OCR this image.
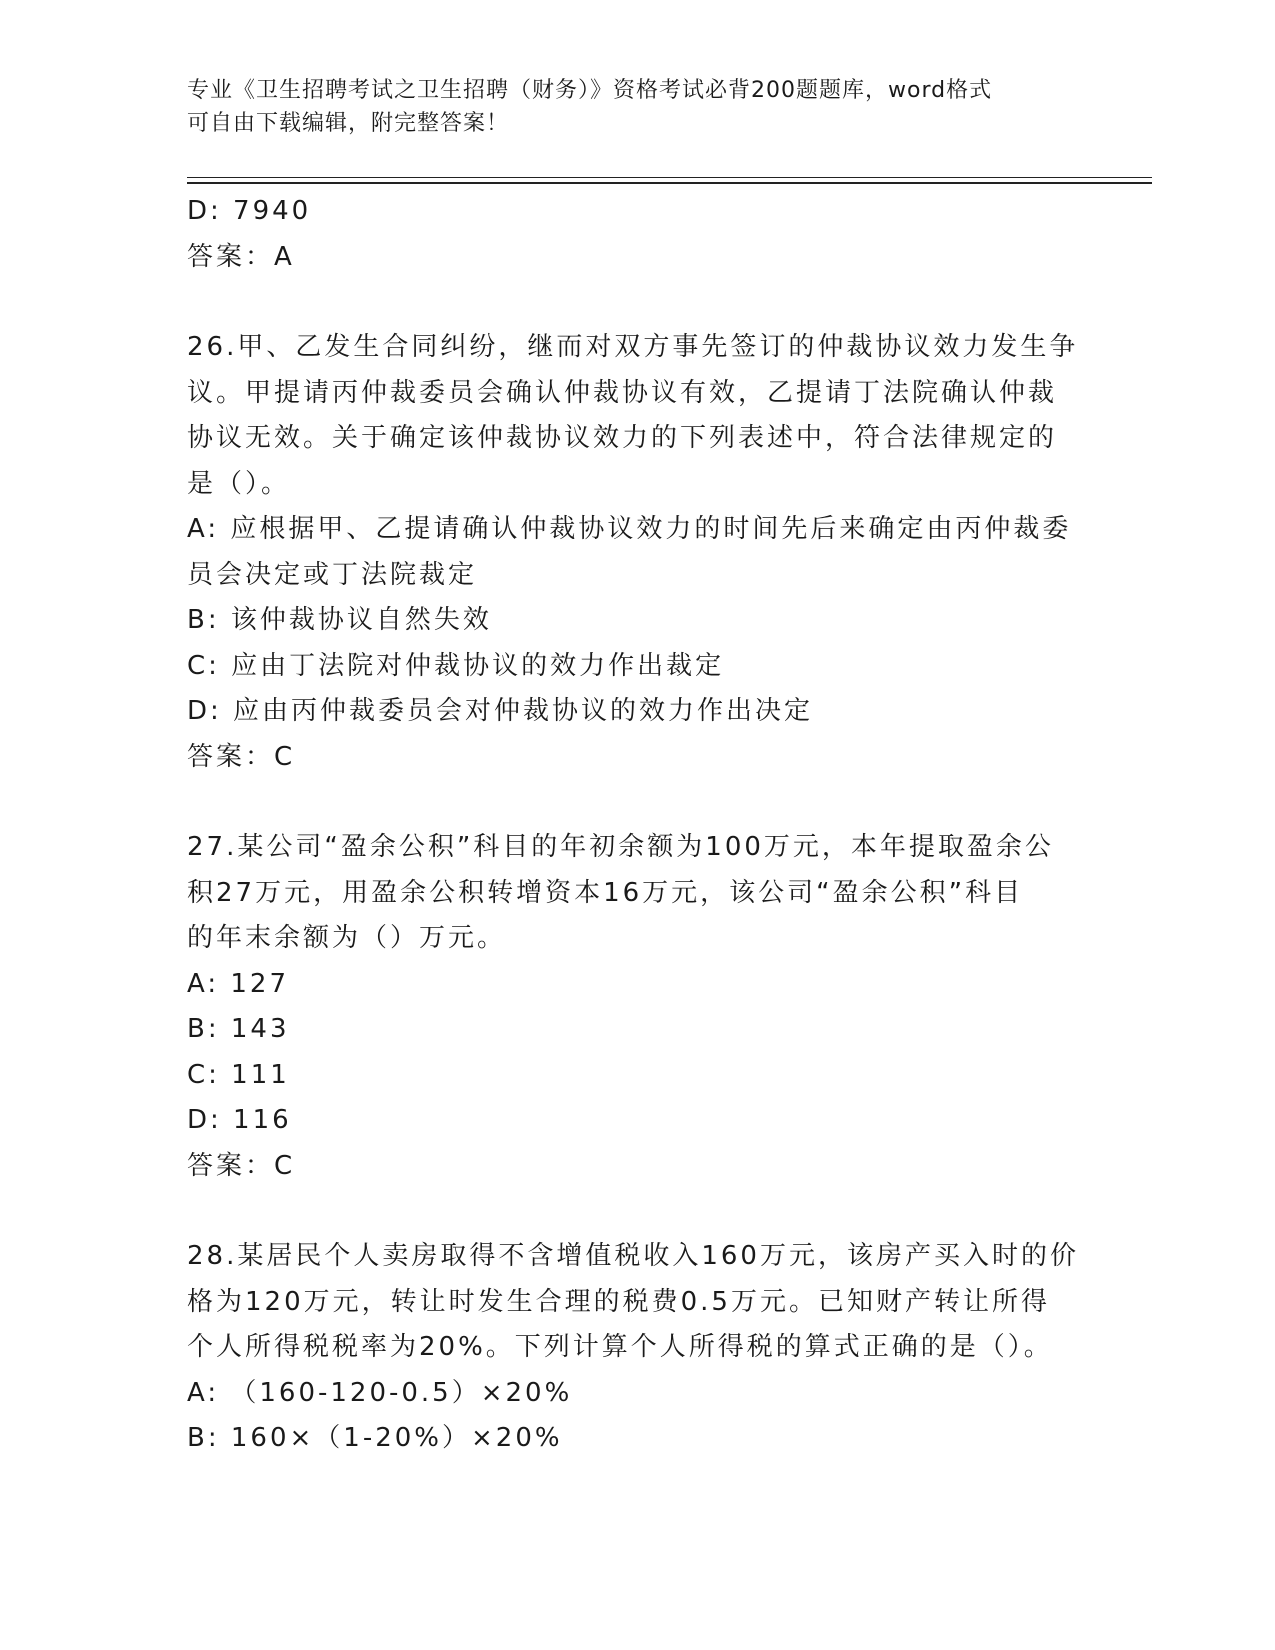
专业《卫生招聘考试之卫生招聘（财务）》资格考试必背200题题库，word格式

可自由下载编辑，附完整答案！

D: 7940

答案：A

26.甲、乙发生合同纠纷，继而对双方事先签订的仲裁协议效力发生争

议。甲提请丙仲裁委员会确认仲裁协议有效，乙提请丁法院确认仲裁

协议无效。关于确定该仲裁协议效力的下列表述中，符合法律规定的

是（）。

A: 应根据甲、乙提请确认仲裁协议效力的时间先后来确定由丙仲裁委

员会决定或丁法院裁定

B: 该仲裁协议自然失效

C: 应由丁法院对仲裁协议的效力作出裁定

D: 应由丙仲裁委员会对仲裁协议的效力作出决定

答案：C

27.某公司“盈余公积”科目的年初余额为100万元，本年提取盈余公

积27万元，用盈余公积转增资本16万元，该公司“盈余公积”科目

的年末余额为（）万元。

A: 127

B: 143

C: 111

D: 116

答案：C

28.某居民个人卖房取得不含增值税收入160万元，该房产买入时的价

格为120万元，转让时发生合理的税费0.5万元。已知财产转让所得

个人所得税税率为20%。下列计算个人所得税的算式正确的是（）。

A: （160-120-0.5）×20%

B: 160×（1-20%）×20%
